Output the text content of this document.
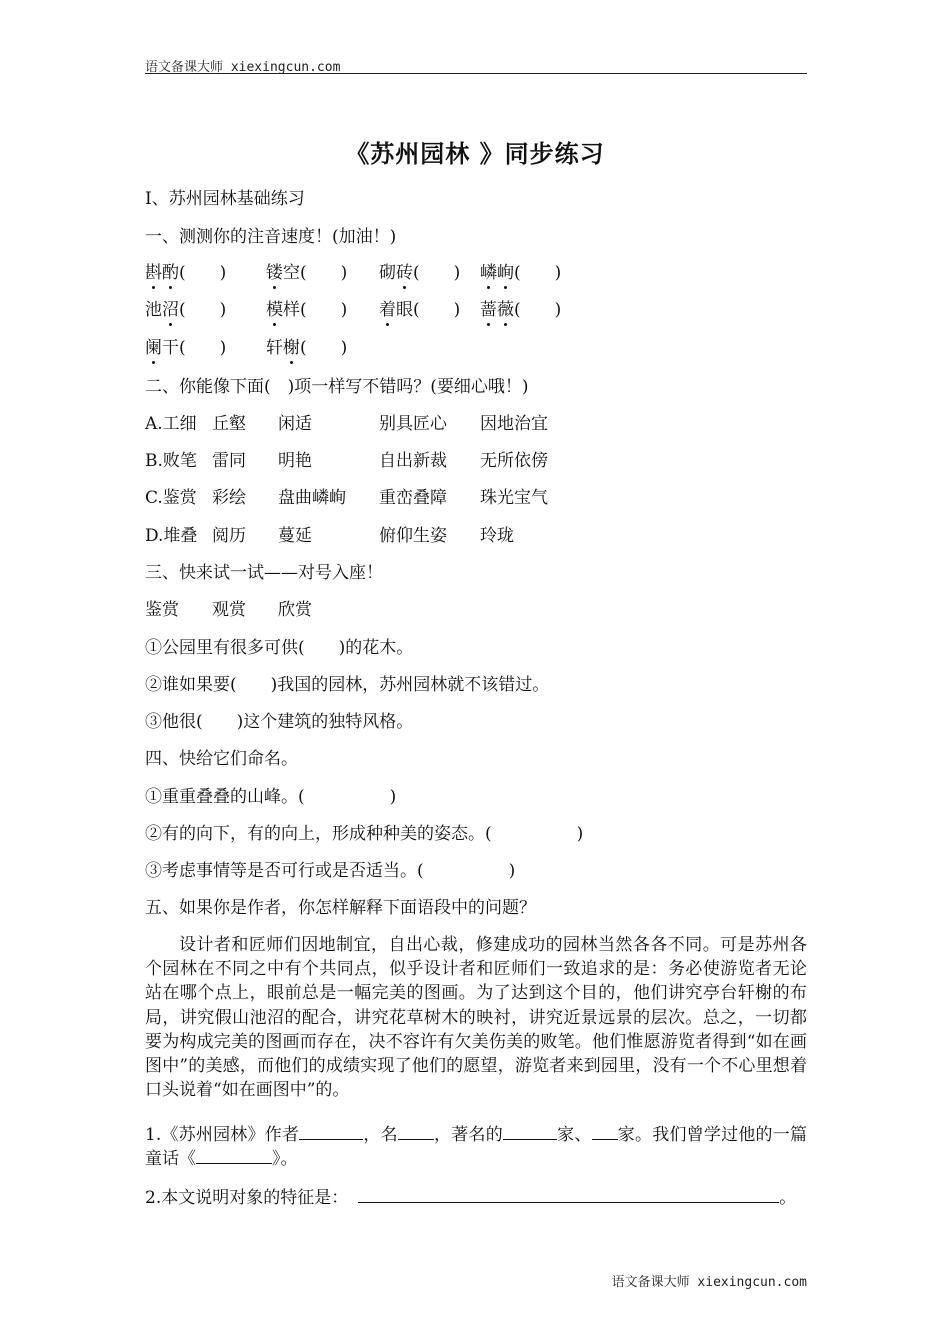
语文备课大师 xiexingcun.com
《苏州园林 》同步练习
Ⅰ、苏州园林基础练习
一、测测你的注音速度！(加油！)
斟酌(　　) 镂空(　　) 砌砖(　　) 嶙峋(　　)
池沼(　　) 模样(　　) 着眼(　　) 蔷薇(　　)
阑干(　　) 轩榭(　　)
二、你能像下面(　)项一样写不错吗？(要细心哦！)
A.工细 丘壑 闲适	别具匠心 因地治宜
B.败笔 雷同 明艳	自出新裁 无所依傍
C.鉴赏 彩绘 盘曲嶙峋 重峦叠障 珠光宝气
D.堆叠 阅历 蔓延	俯仰生姿 玲珑
三、快来试一试——对号入座！
鉴赏 观赏 欣赏
①公园里有很多可供(　　)的花木。
②谁如果要(　　)我国的园林，苏州园林就不该错过。
③他很(　　)这个建筑的独特风格。
四、快给它们命名。
①重重叠叠的山峰。(　　　　　)
②有的向下，有的向上，形成种种美的姿态。(　　　　　)
③考虑事情等是否可行或是否适当。(　　　　　)
五、如果你是作者，你怎样解释下面语段中的问题？

设计者和匠师们因地制宜，自出心裁，修建成功的园林当然各各不同。可是苏州各个园林在不同之中有个共同点，似乎设计者和匠师们一致追求的是：务必使游览者无论站在哪个点上，眼前总是一幅完美的图画。为了达到这个目的，他们讲究亭台轩榭的布局，讲究假山池沼的配合，讲究花草树木的映衬，讲究近景远景的层次。总之，一切都要为构成完美的图画而存在，决不容许有欠美伤美的败笔。他们惟愿游览者得到“如在画图中”的美感，而他们的成绩实现了他们的愿望，游览者来到园里，没有一个不心里想着口头说着“如在画图中”的。

1.《苏州园林》作者	，名 ，著名的	家、 家。我们曾学过他的一篇童话《	》。

2.本文说明对象的特征是：	。
语文备课大师 xiexingcun.com
